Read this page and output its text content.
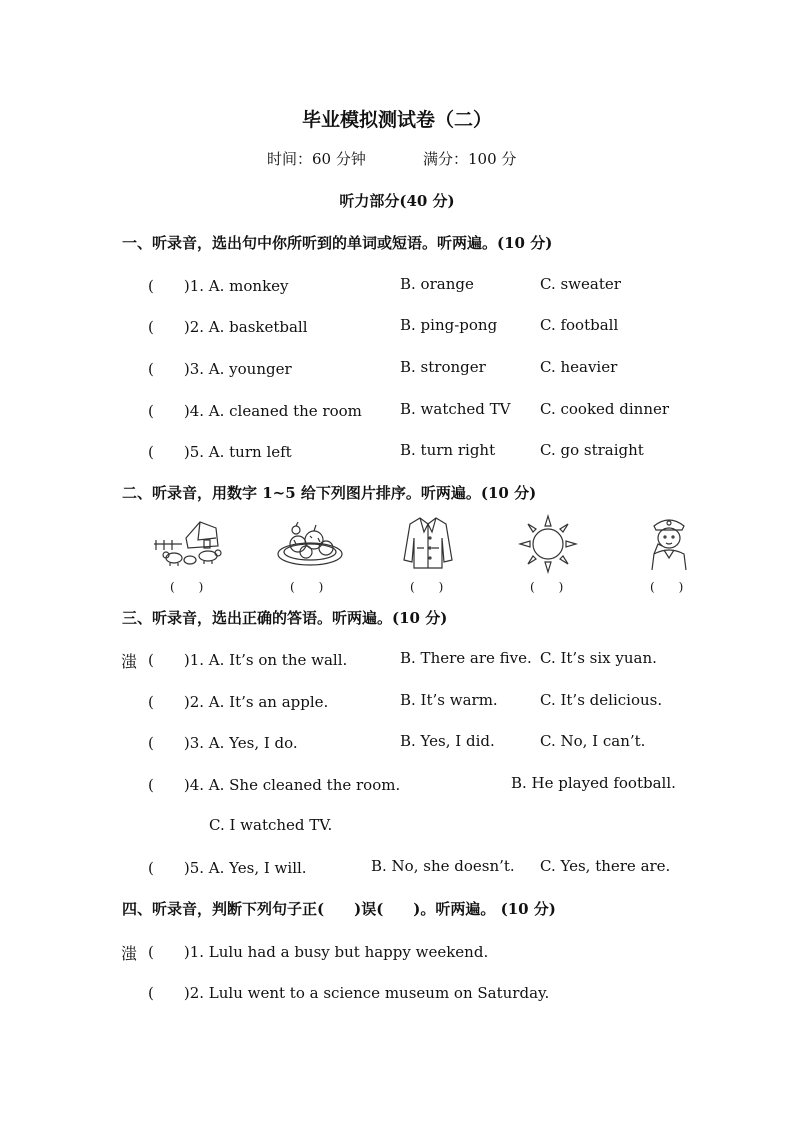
毕业模拟测试卷（二）
时间：60 分钟	满分：100 分
听力部分(40 分)
一、听录音，选出句中你所听到的单词或短语。听两遍。(10 分)
(　　)1. A. monkey	B. orange	C. sweater
(　　)2. A. basketball	B. ping-pong	C. football
(　　)3. A. younger	B. stronger	C. heavier
(　　)4. A. cleaned the room	B. watched TV C. cooked dinner
(　　)5. A. turn left	B. turn right	C. go straight
二、听录音，用数字 1~5 给下列图片排序。听两遍。(10 分)
(　　)	(　　)	(　　)	(　　)	(　　)
三、听录音，选出正确的答语。听两遍。(10 分)
滍 (　　)1. A. It’s on the wall.	B. There are five. C. It’s six yuan.
(　　)2. A. It’s an apple.	B. It’s warm.	C. It’s delicious.
(　　)3. A. Yes, I do.	B. Yes, I did.	C. No, I can’t.
(　　)4. A. She cleaned the room.	B. He played football.
C. I watched TV.
(　　)5. A. Yes, I will.	B. No, she doesn’t. C. Yes, there are.
四、听录音，判断下列句子正(　　)误(　　)。听两遍。 (10 分)
滍 (　　)1. Lulu had a busy but happy weekend.
(　　)2. Lulu went to a science museum on Saturday.
